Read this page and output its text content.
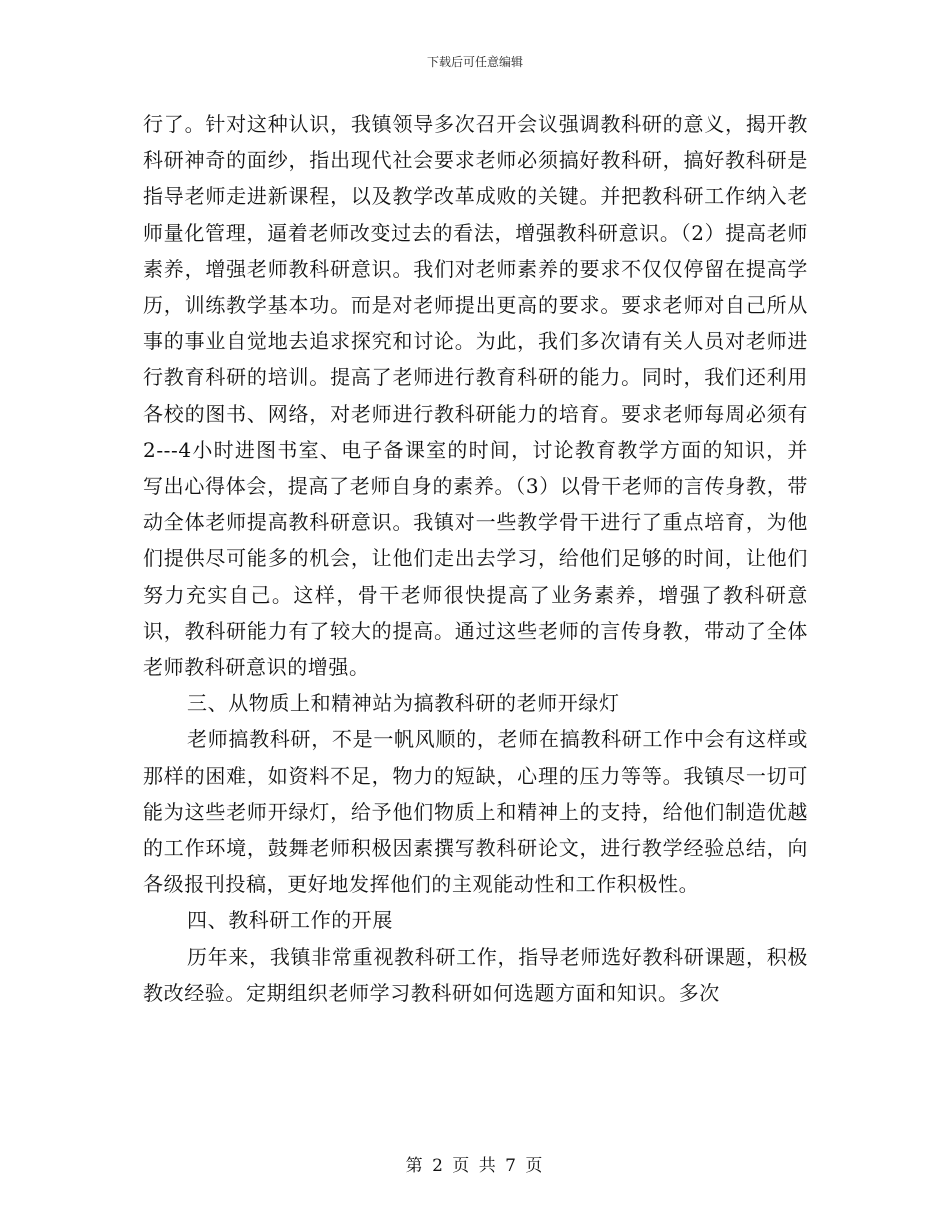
下载后可任意编辑

行了。针对这种认识，我镇领导多次召开会议强调教科研的意义，揭开教科研神奇的面纱，指出现代社会要求老师必须搞好教科研，搞好教科研是指导老师走进新课程，以及教学改革成败的关键。并把教科研工作纳入老师量化管理，逼着老师改变过去的看法，增强教科研意识。（2）提高老师素养，增强老师教科研意识。我们对老师素养的要求不仅仅停留在提高学历，训练教学基本功。而是对老师提出更高的要求。要求老师对自己所从事的事业自觉地去追求探究和讨论。为此，我们多次请有关人员对老师进行教育科研的培训。提高了老师进行教育科研的能力。同时，我们还利用各校的图书、网络，对老师进行教科研能力的培育。要求老师每周必须有2---4小时进图书室、电子备课室的时间，讨论教育教学方面的知识，并写出心得体会，提高了老师自身的素养。（3）以骨干老师的言传身教，带动全体老师提高教科研意识。我镇对一些教学骨干进行了重点培育，为他们提供尽可能多的机会，让他们走出去学习，给他们足够的时间，让他们努力充实自己。这样，骨干老师很快提高了业务素养，增强了教科研意识，教科研能力有了较大的提高。通过这些老师的言传身教，带动了全体老师教科研意识的增强。

三、从物质上和精神站为搞教科研的老师开绿灯

老师搞教科研，不是一帆风顺的，老师在搞教科研工作中会有这样或那样的困难，如资料不足，物力的短缺，心理的压力等等。我镇尽一切可能为这些老师开绿灯，给予他们物质上和精神上的支持，给他们制造优越的工作环境，鼓舞老师积极因素撰写教科研论文，进行教学经验总结，向各级报刊投稿，更好地发挥他们的主观能动性和工作积极性。

四、教科研工作的开展

历年来，我镇非常重视教科研工作，指导老师选好教科研课题，积极教改经验。定期组织老师学习教科研如何选题方面和知识。多次

第 2 页 共 7 页
